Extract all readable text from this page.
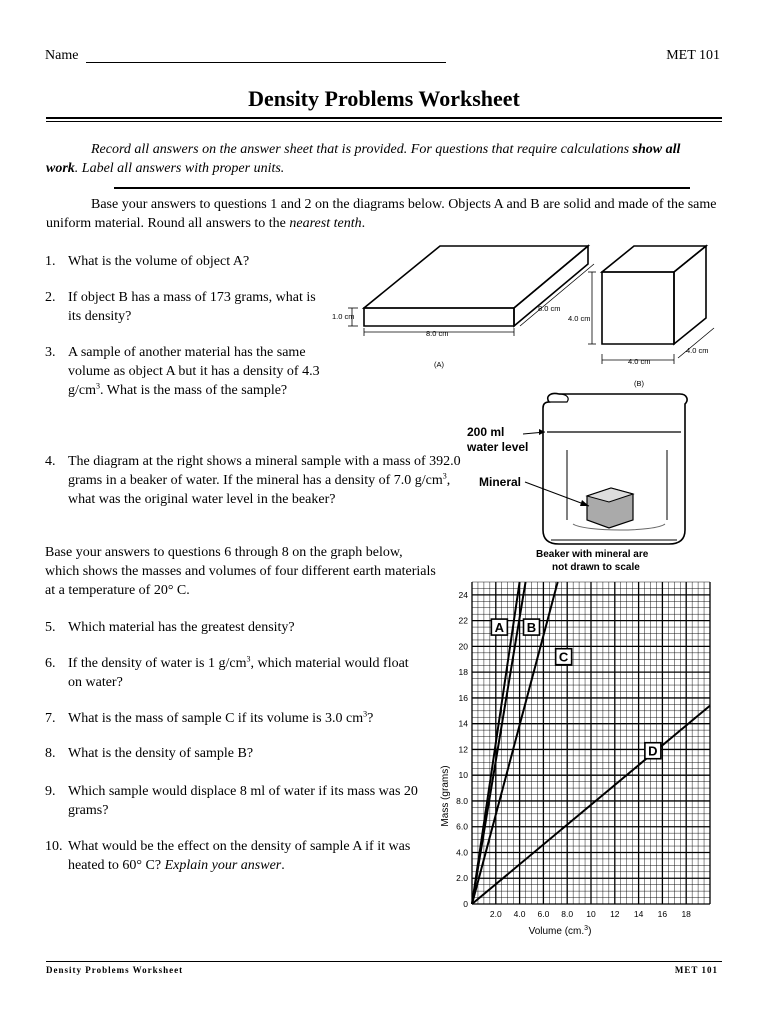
Name	MET 101
Density Problems Worksheet
Record all answers on the answer sheet that is provided. For questions that require calculations show all work. Label all answers with proper units.
Base your answers to questions 1 and 2 on the diagrams below. Objects A and B are solid and made of the same uniform material. Round all answers to the nearest tenth.
1. What is the volume of object A?
2. If object B has a mass of 173 grams, what is its density?
3. A sample of another material has the same volume as object A but it has a density of 4.3 $g/cm^3$. What is the mass of the sample?
4. The diagram at the right shows a mineral sample with a mass of 392.0 grams in a beaker of water. If the mineral has a density of 7.0 $g/cm^3$, what was the original water level in the beaker?
Base your answers to questions 6 through 8 on the graph below, which shows the masses and volumes of four different earth materials at a temperature of 20° C.
5. Which material has the greatest density?
6. If the density of water is 1 $g/cm^3$, which material would float on water?
7. What is the mass of sample C if its volume is 3.0 $cm^3$?
8. What is the density of sample B?
9. Which sample would displace 8 ml of water if its mass was 20 grams?
10. What would be the effect on the density of sample A if it was heated to 60° C? Explain your answer.
1.0 cm
8.0 cm
8.0 cm
(A)
4.0 cm
4.0 cm
4.0 cm
(B)
200 ml
water level
Mineral
Beaker with mineral are
not drawn to scale
0
2.0
4.0
6.0
8.0
10
12
14
16
18
20
22
24
2.0 4.0 6.0 8.0 10 12 14 16 18
A B
C
D
Mass (grams)
Volume (cm.$^3$)
Density Problems Worksheet	MET 101
